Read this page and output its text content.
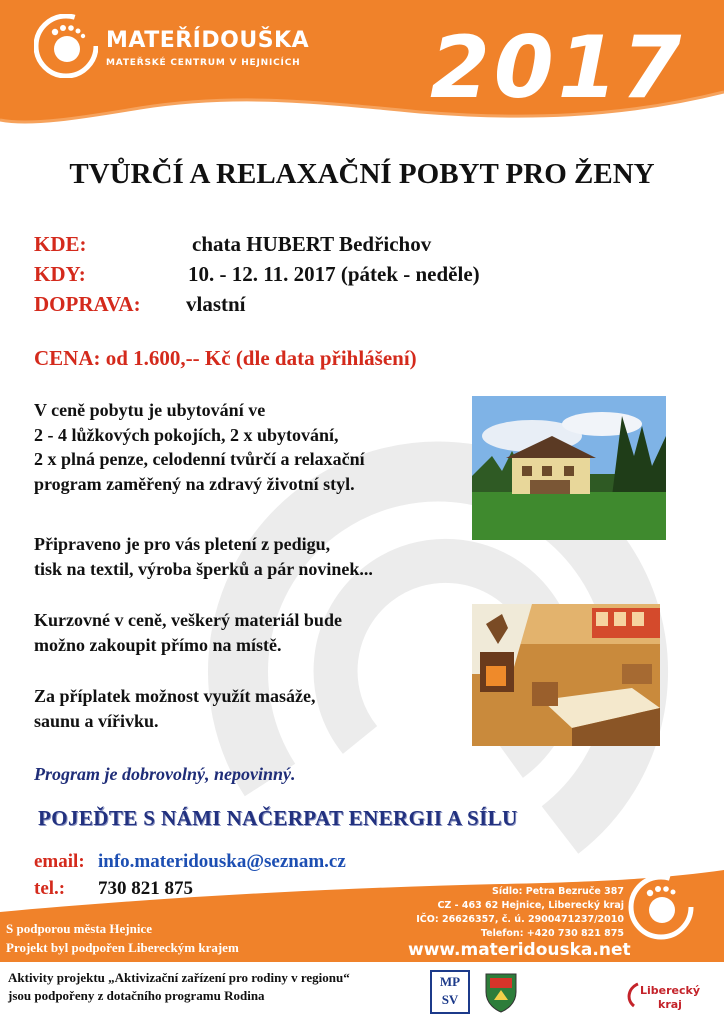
MATEŘÍDOUŠKA
MATEŘSKÉ CENTRUM V HEJNICÍCH 2017
TVŮRČÍ A RELAXAČNÍ POBYT PRO ŽENY
KDE:	chata HUBERT Bedřichov
KDY:	10. - 12. 11. 2017 (pátek - neděle)
DOPRAVA: vlastní
CENA: od 1.600,-- Kč (dle data přihlášení)
V ceně pobytu je ubytování ve
2 - 4 lůžkových pokojích, 2 x ubytování,
2 x plná penze, celodenní tvůrčí a relaxační
program zaměřený na zdravý životní styl.
Připraveno je pro vás pletení z pedigu,
tisk na textil, výroba šperků a pár novinek...
Kurzovné v ceně, veškerý materiál bude
možno zakoupit přímo na místě.
Za příplatek možnost využít masáže,
saunu a vířivku.
Program je dobrovolný, nepovinný.
POJEĎTE S NÁMI NAČERPAT ENERGII A SÍLU
email: info.materidouska@seznam.cz
tel.: 730 821 875
S podporou města Hejnice
Projekt byl podpořen Libereckým krajem
Sídlo: Petra Bezruče 387
CZ - 463 62 Hejnice, Liberecký kraj
IČO: 26626357, č. ú. 2900471237/2010
Telefon: +420 730 821 875
www.materidouska.net
Aktivity projektu „Aktivizační zařízení pro rodiny v regionu“
jsou podpořeny z dotačního programu Rodina
MP
SV
Liberecký
kraj
